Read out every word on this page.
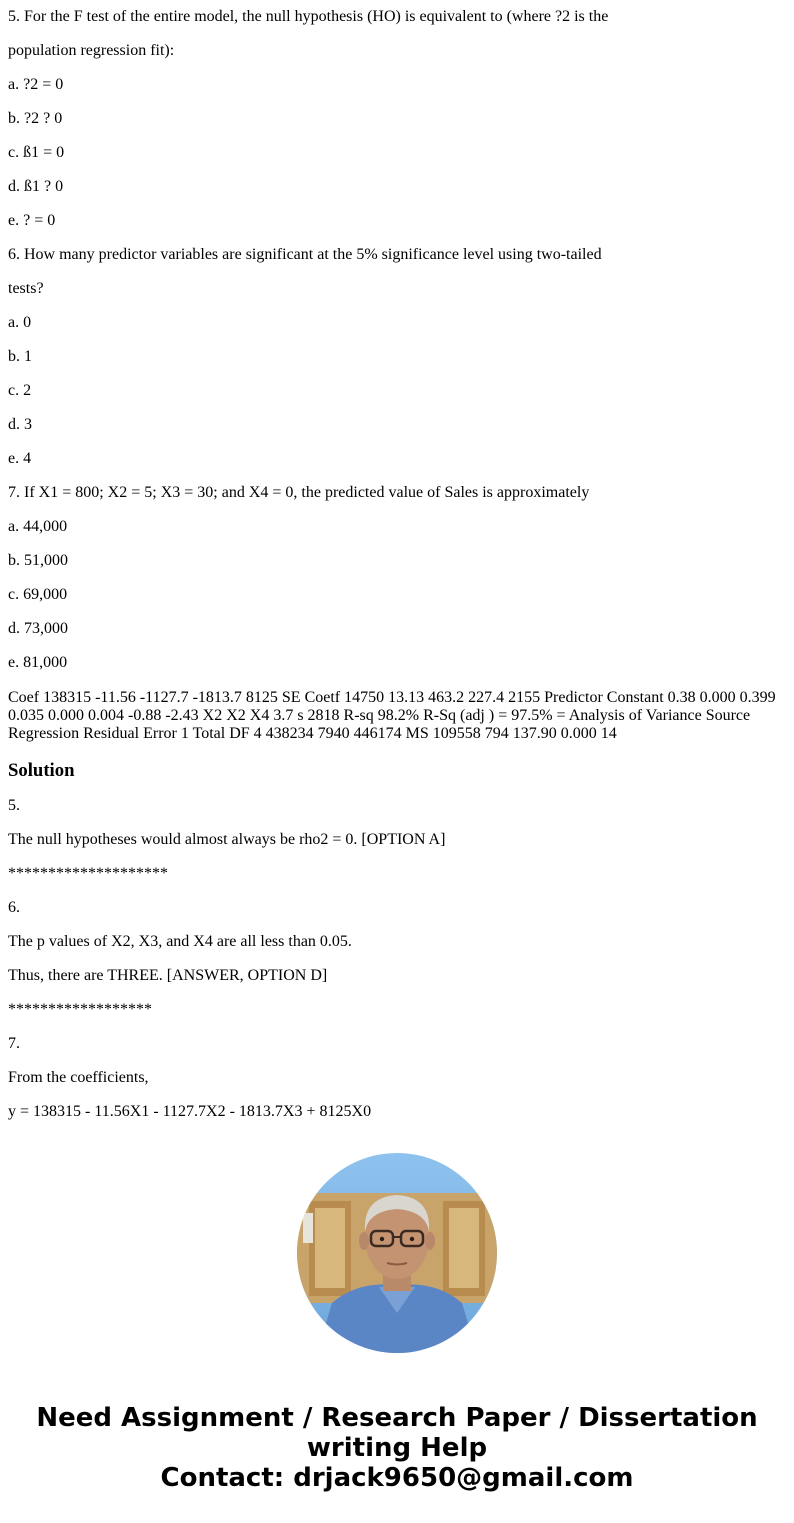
5. For the F test of the entire model, the null hypothesis (HO) is equivalent to (where ?2 is the

population regression fit):

a. ?2 = 0

b. ?2 ? 0

c. ß1 = 0

d. ß1 ? 0

e. ? = 0

6. How many predictor variables are significant at the 5% significance level using two-tailed

tests?

a. 0

b. 1

c. 2

d. 3

e. 4

7. If X1 = 800; X2 = 5; X3 = 30; and X4 = 0, the predicted value of Sales is approximately

a. 44,000

b. 51,000

c. 69,000

d. 73,000

e. 81,000

Coef 138315 -11.56 -1127.7 -1813.7 8125 SE Coetf 14750 13.13 463.2 227.4 2155 Predictor Constant 0.38 0.000 0.399 0.035 0.000 0.004 -0.88 -2.43 X2 X2 X4 3.7 s 2818 R-sq 98.2% R-Sq (adj ) = 97.5% = Analysis of Variance Source Regression Residual Error 1 Total DF 4 438234 7940 446174 MS 109558 794 137.90 0.000 14

Solution

5.

The null hypotheses would almost always be rho2 = 0. [OPTION A]

********************

6.

The p values of X2, X3, and X4 are all less than 0.05.

Thus, there are THREE. [ANSWER, OPTION D]

******************

7.

From the coefficients,

y = 138315 - 11.56X1 - 1127.7X2 - 1813.7X3 + 8125X0

Need Assignment / Research Paper / Dissertation
writing Help
Contact: drjack9650@gmail.com
